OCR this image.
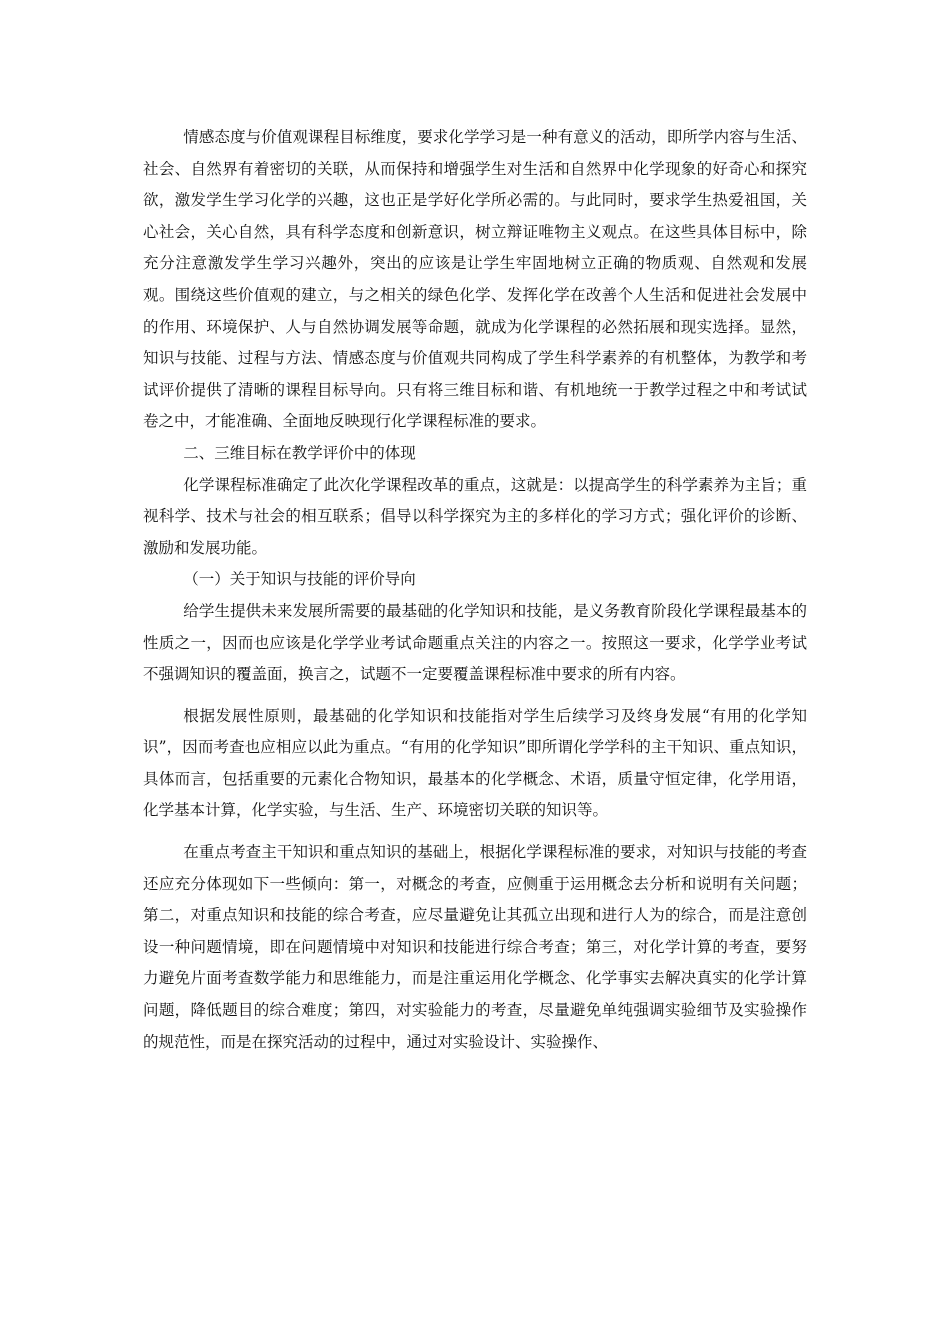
情感态度与价值观课程目标维度，要求化学学习是一种有意义的活动，即所学内容与生活、社会、自然界有着密切的关联，从而保持和增强学生对生活和自然界中化学现象的好奇心和探究欲，激发学生学习化学的兴趣，这也正是学好化学所必需的。与此同时，要求学生热爱祖国，关心社会，关心自然，具有科学态度和创新意识，树立辩证唯物主义观点。在这些具体目标中，除充分注意激发学生学习兴趣外，突出的应该是让学生牢固地树立正确的物质观、自然观和发展观。围绕这些价值观的建立，与之相关的绿色化学、发挥化学在改善个人生活和促进社会发展中的作用、环境保护、人与自然协调发展等命题，就成为化学课程的必然拓展和现实选择。显然，知识与技能、过程与方法、情感态度与价值观共同构成了学生科学素养的有机整体，为教学和考试评价提供了清晰的课程目标导向。只有将三维目标和谐、有机地统一于教学过程之中和考试试卷之中，才能准确、全面地反映现行化学课程标准的要求。

二、三维目标在教学评价中的体现

化学课程标准确定了此次化学课程改革的重点，这就是：以提高学生的科学素养为主旨；重视科学、技术与社会的相互联系；倡导以科学探究为主的多样化的学习方式；强化评价的诊断、激励和发展功能。

（一）关于知识与技能的评价导向

给学生提供未来发展所需要的最基础的化学知识和技能，是义务教育阶段化学课程最基本的性质之一，因而也应该是化学学业考试命题重点关注的内容之一。按照这一要求，化学学业考试不强调知识的覆盖面，换言之，试题不一定要覆盖课程标准中要求的所有内容。

根据发展性原则，最基础的化学知识和技能指对学生后续学习及终身发展“有用的化学知识”，因而考查也应相应以此为重点。“有用的化学知识”即所谓化学学科的主干知识、重点知识，具体而言，包括重要的元素化合物知识，最基本的化学概念、术语，质量守恒定律，化学用语，化学基本计算，化学实验，与生活、生产、环境密切关联的知识等。

在重点考查主干知识和重点知识的基础上，根据化学课程标准的要求，对知识与技能的考查还应充分体现如下一些倾向：第一，对概念的考查，应侧重于运用概念去分析和说明有关问题；第二，对重点知识和技能的综合考查，应尽量避免让其孤立出现和进行人为的综合，而是注意创设一种问题情境，即在问题情境中对知识和技能进行综合考查；第三，对化学计算的考查，要努力避免片面考查数学能力和思维能力，而是注重运用化学概念、化学事实去解决真实的化学计算问题，降低题目的综合难度；第四，对实验能力的考查，尽量避免单纯强调实验细节及实验操作的规范性，而是在探究活动的过程中，通过对实验设计、实验操作、
